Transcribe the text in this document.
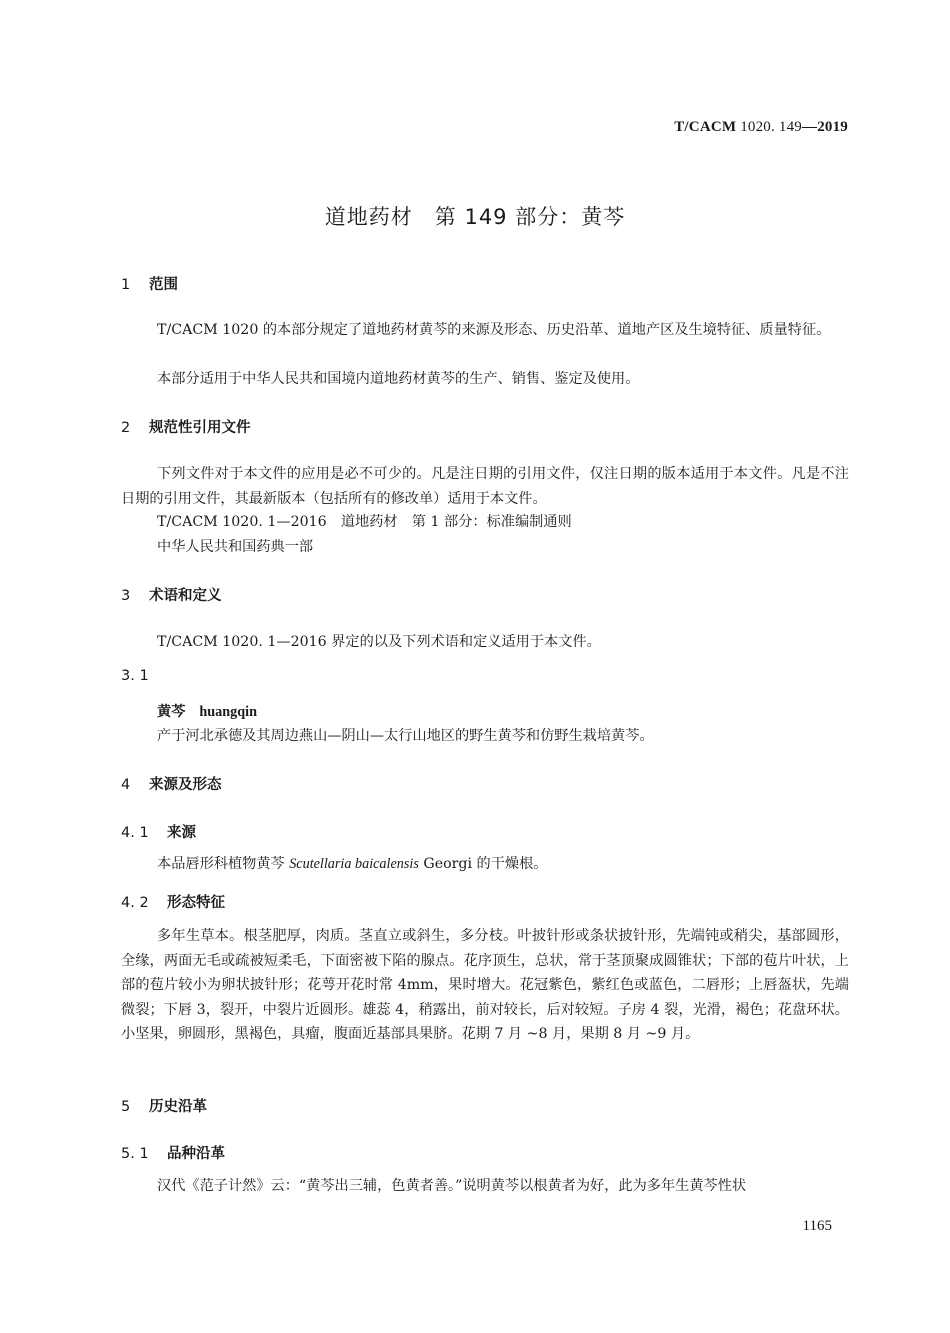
T/CACM 1020. 149—2019
道地药材　第 149 部分：黄芩
1 范围
T/CACM 1020 的本部分规定了道地药材黄芩的来源及形态、历史沿革、道地产区及生境特征、质量特征。
本部分适用于中华人民共和国境内道地药材黄芩的生产、销售、鉴定及使用。
2 规范性引用文件
下列文件对于本文件的应用是必不可少的。凡是注日期的引用文件，仅注日期的版本适用于本文件。凡是不注日期的引用文件，其最新版本（包括所有的修改单）适用于本文件。
T/CACM 1020. 1—2016　道地药材　第 1 部分：标准编制通则
中华人民共和国药典一部
3 术语和定义
T/CACM 1020. 1—2016 界定的以及下列术语和定义适用于本文件。
3. 1
黄芩 huangqin
产于河北承德及其周边燕山—阴山—太行山地区的野生黄芩和仿野生栽培黄芩。
4 来源及形态
4. 1 来源
本品唇形科植物黄芩 Scutellaria baicalensis Georgi 的干燥根。
4. 2 形态特征
多年生草本。根茎肥厚，肉质。茎直立或斜生，多分枝。叶披针形或条状披针形，先端钝或稍尖，基部圆形，全缘，两面无毛或疏被短柔毛，下面密被下陷的腺点。花序顶生，总状，常于茎顶聚成圆锥状；下部的苞片叶状，上部的苞片较小为卵状披针形；花萼开花时常 4mm，果时增大。花冠紫色，紫红色或蓝色，二唇形；上唇盔状，先端微裂；下唇 3，裂开，中裂片近圆形。雄蕊 4，稍露出，前对较长，后对较短。子房 4 裂，光滑，褐色；花盘环状。小坚果，卵圆形，黑褐色，具瘤，腹面近基部具果脐。花期 7 月 ~8 月，果期 8 月 ~9 月。
5 历史沿革
5. 1 品种沿革
汉代《范子计然》云：“黄芩出三辅，色黄者善。”说明黄芩以根黄者为好，此为多年生黄芩性状
1165
